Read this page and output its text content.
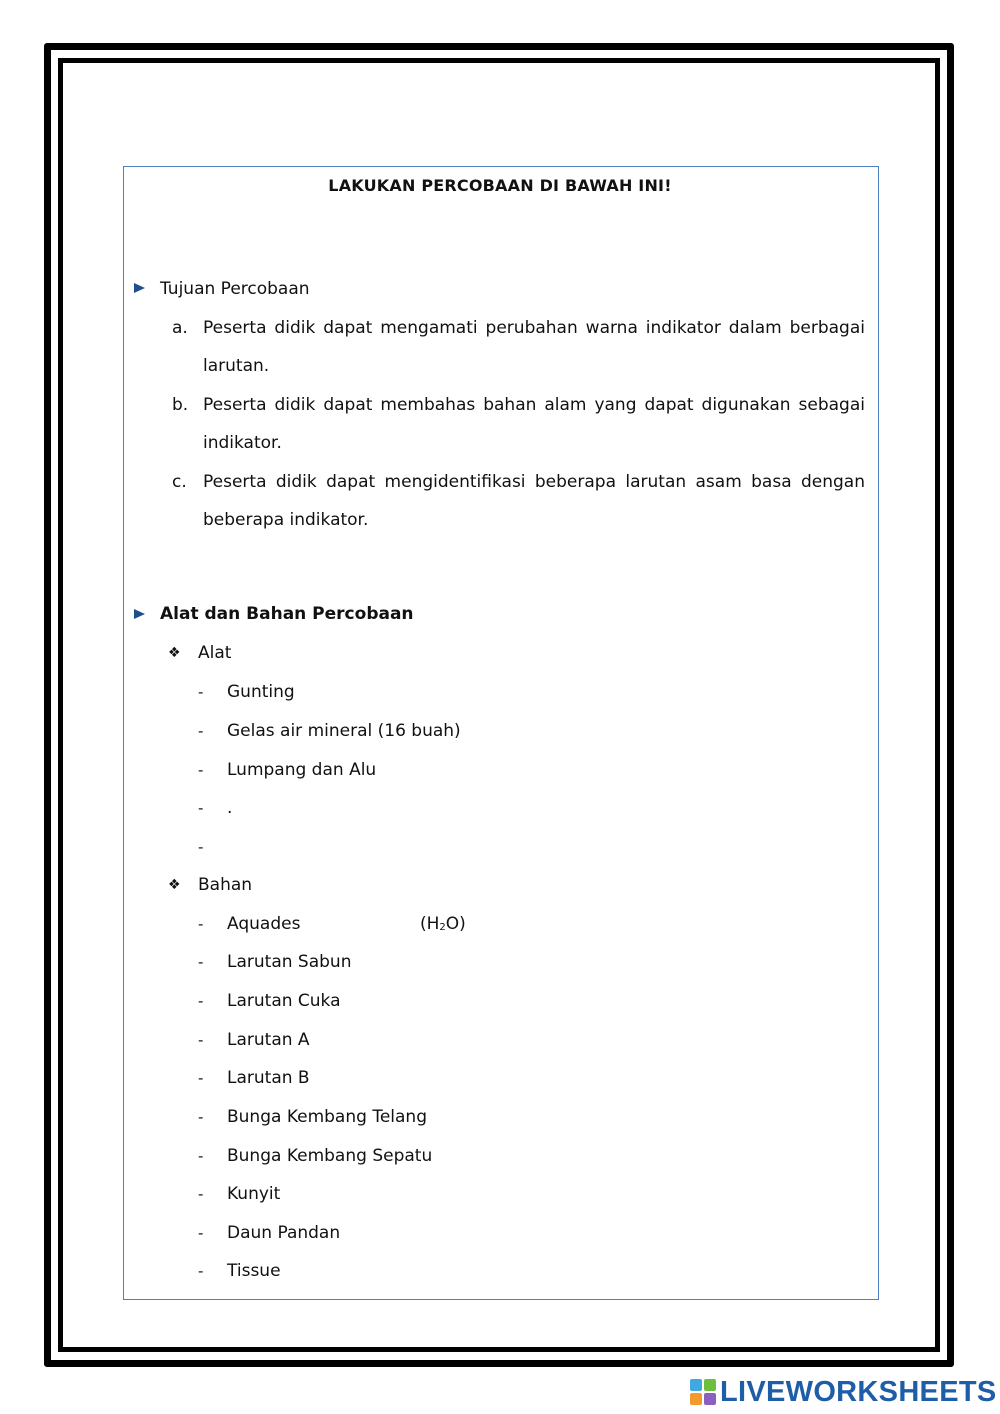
LAKUKAN PERCOBAAN DI BAWAH INI!
Tujuan Percobaan
a. Peserta didik dapat mengamati perubahan warna indikator dalam berbagai
larutan.
b. Peserta didik dapat membahas bahan alam yang dapat digunakan sebagai
indikator.
c. Peserta didik dapat mengidentifikasi beberapa larutan asam basa dengan
beberapa indikator.
Alat dan Bahan Percobaan
❖ Alat
- Gunting
- Gelas air mineral (16 buah)
- Lumpang dan Alu
- .
-
❖ Bahan
- Aquades	$(H_2O)$
- Larutan Sabun
- Larutan Cuka
- Larutan A
- Larutan B
- Bunga Kembang Telang
- Bunga Kembang Sepatu
- Kunyit
- Daun Pandan
- Tissue
LIVEWORKSHEETS
